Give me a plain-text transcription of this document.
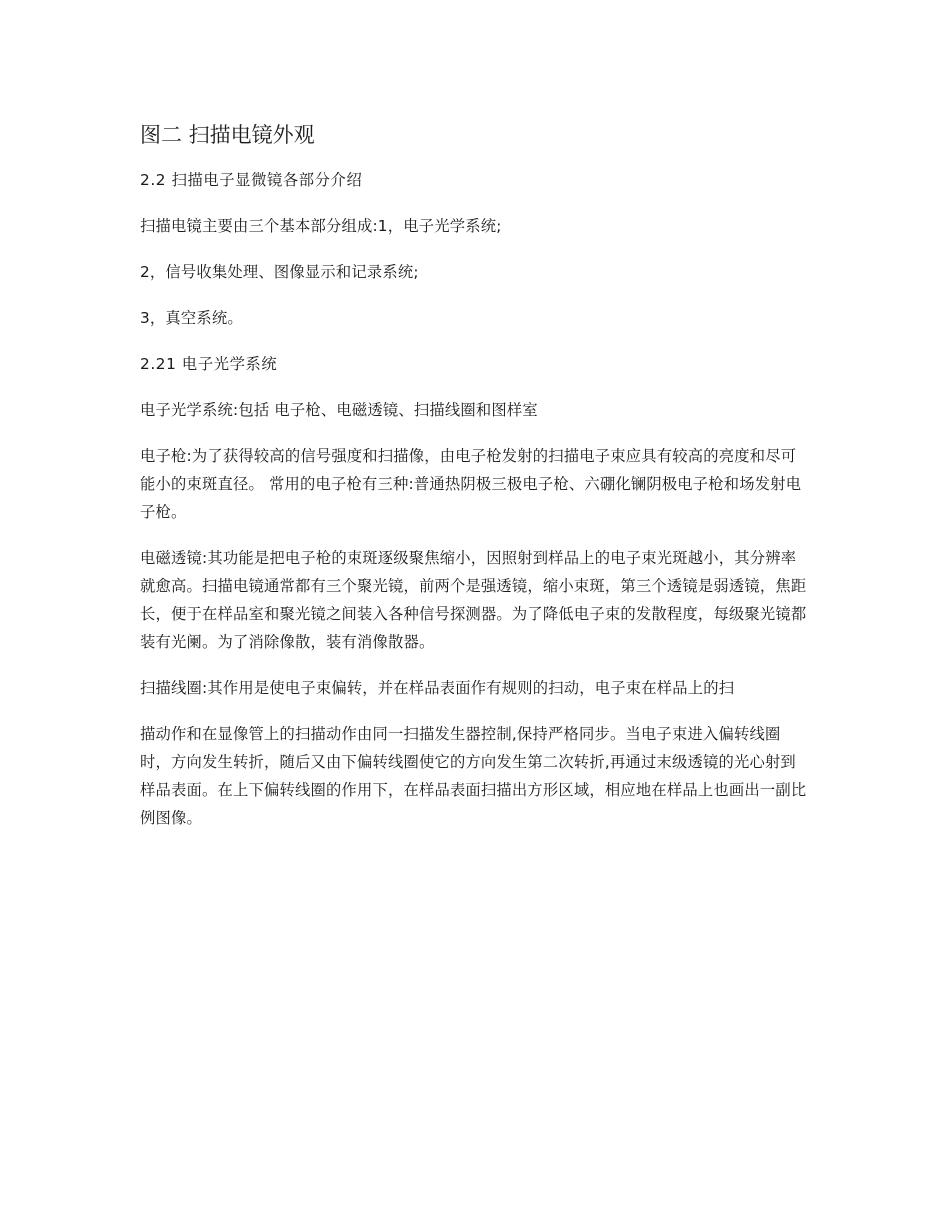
图二 扫描电镜外观

2.2 扫描电子显微镜各部分介绍

扫描电镜主要由三个基本部分组成:1，电子光学系统;

2，信号收集处理、图像显示和记录系统;

3，真空系统。

2.21 电子光学系统

电子光学系统:包括 电子枪、电磁透镜、扫描线圈和图样室

电子枪:为了获得较高的信号强度和扫描像，由电子枪发射的扫描电子束应具有较高的亮度和尽可能小的束斑直径。 常用的电子枪有三种:普通热阴极三极电子枪、六硼化镧阴极电子枪和场发射电子枪。

电磁透镜:其功能是把电子枪的束斑逐级聚焦缩小，因照射到样品上的电子束光斑越小，其分辨率就愈高。扫描电镜通常都有三个聚光镜，前两个是强透镜，缩小束斑，第三个透镜是弱透镜，焦距长，便于在样品室和聚光镜之间装入各种信号探测器。为了降低电子束的发散程度，每级聚光镜都装有光阑。为了消除像散，装有消像散器。

扫描线圈:其作用是使电子束偏转，并在样品表面作有规则的扫动，电子束在样品上的扫

描动作和在显像管上的扫描动作由同一扫描发生器控制,保持严格同步。当电子束进入偏转线圈时，方向发生转折，随后又由下偏转线圈使它的方向发生第二次转折,再通过末级透镜的光心射到样品表面。在上下偏转线圈的作用下，在样品表面扫描出方形区域，相应地在样品上也画出一副比例图像。
